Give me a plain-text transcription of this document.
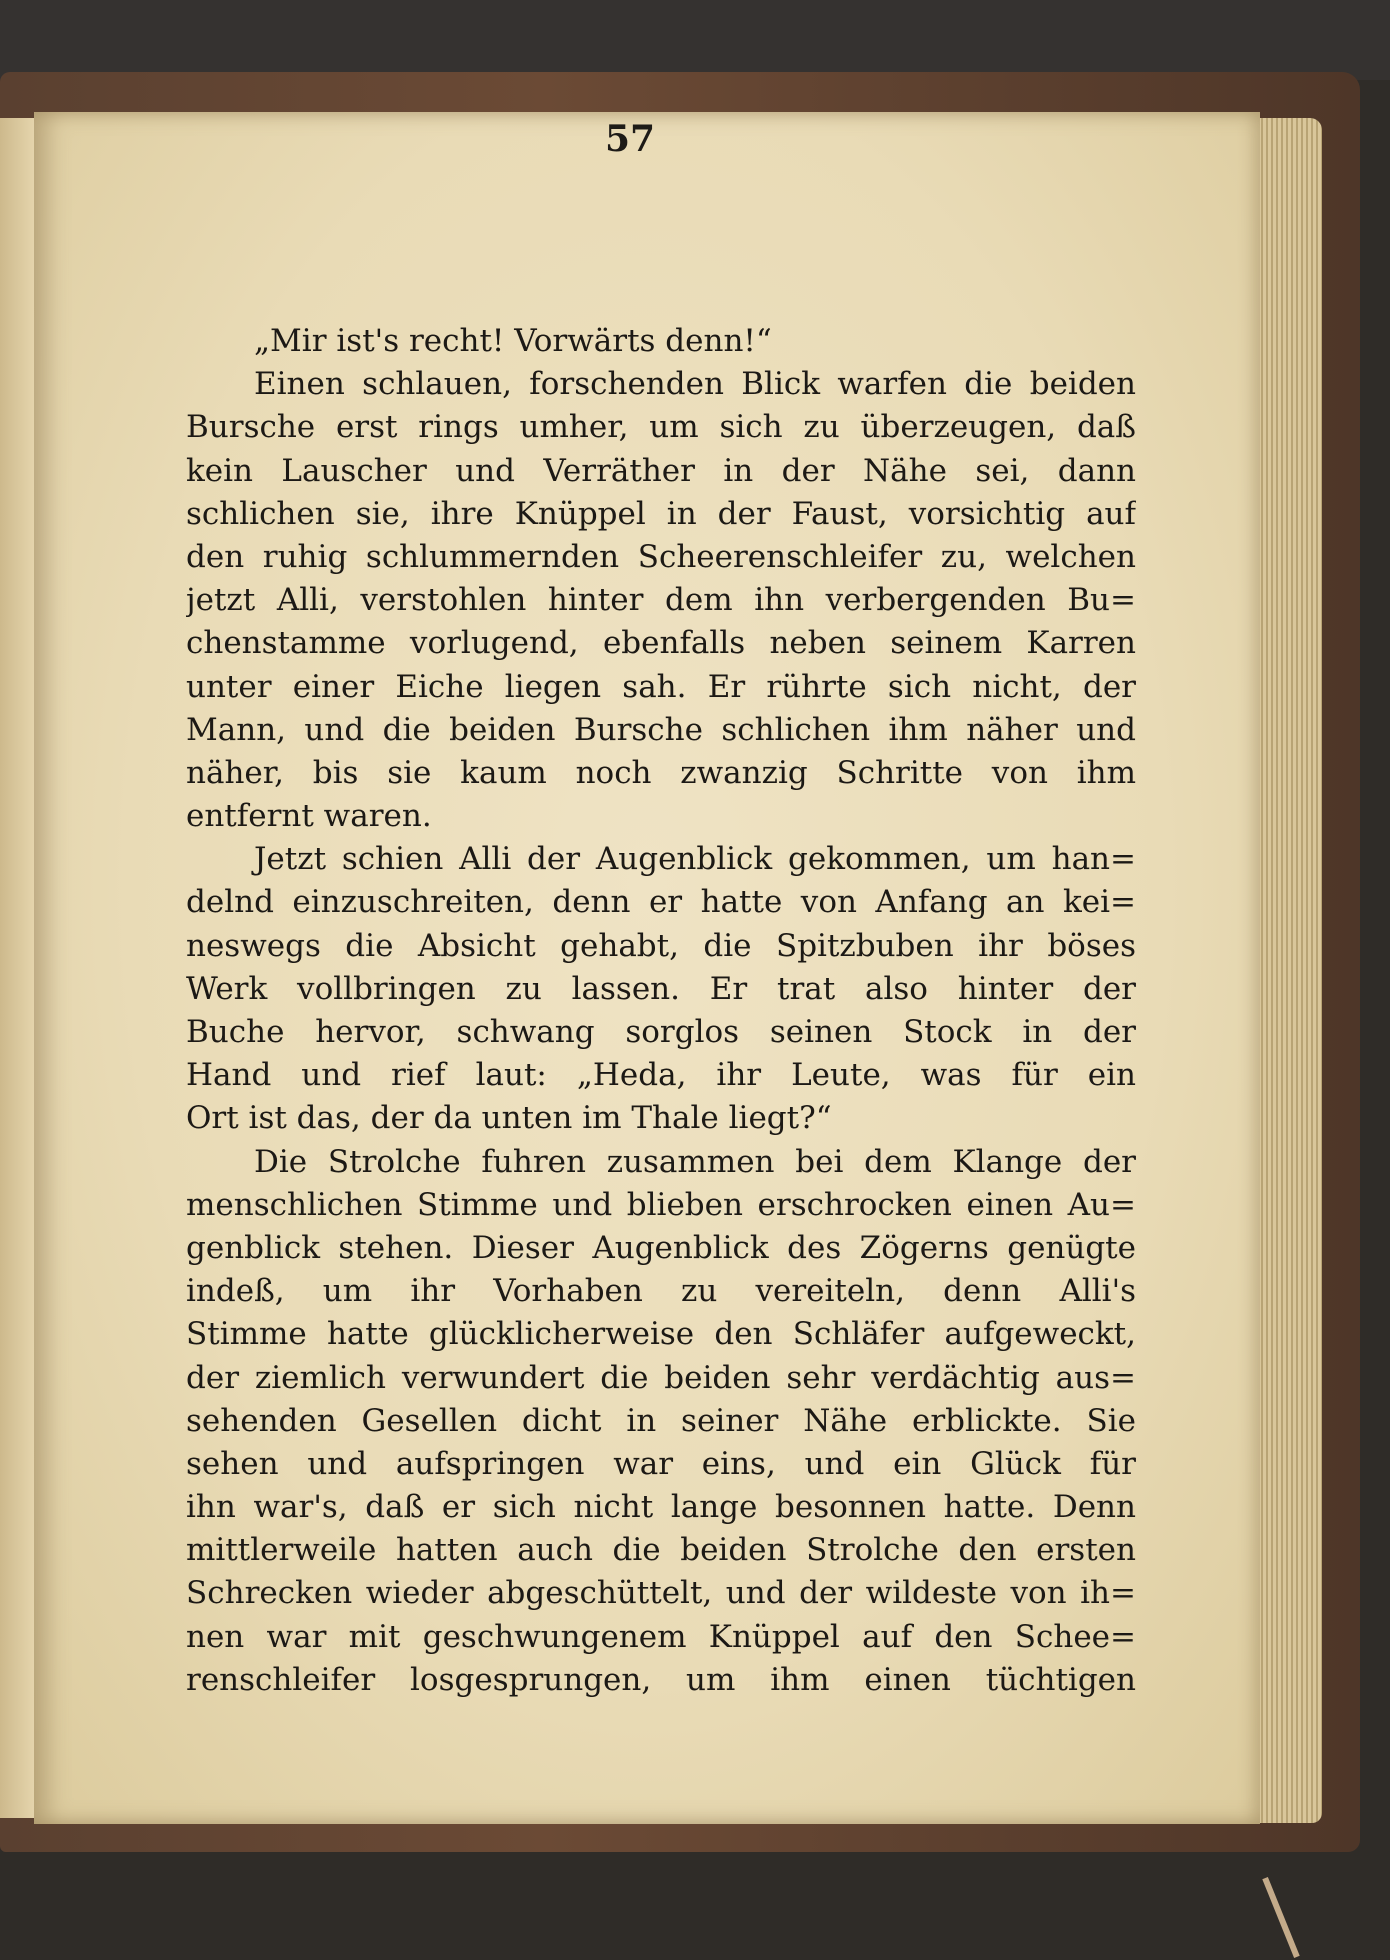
57
„Mir ist's recht! Vorwärts denn!“
Einen schlauen, forschenden Blick warfen die beiden
Bursche erst rings umher, um sich zu überzeugen, daß
kein Lauscher und Verräther in der Nähe sei, dann
schlichen sie, ihre Knüppel in der Faust, vorsichtig auf
den ruhig schlummernden Scheerenschleifer zu, welchen
jetzt Alli, verstohlen hinter dem ihn verbergenden Bu=
chenstamme vorlugend, ebenfalls neben seinem Karren
unter einer Eiche liegen sah. Er rührte sich nicht, der
Mann, und die beiden Bursche schlichen ihm näher und
näher, bis sie kaum noch zwanzig Schritte von ihm
entfernt waren.
Jetzt schien Alli der Augenblick gekommen, um han=
delnd einzuschreiten, denn er hatte von Anfang an kei=
neswegs die Absicht gehabt, die Spitzbuben ihr böses
Werk vollbringen zu lassen. Er trat also hinter der
Buche hervor, schwang sorglos seinen Stock in der
Hand und rief laut: „Heda, ihr Leute, was für ein
Ort ist das, der da unten im Thale liegt?“
Die Strolche fuhren zusammen bei dem Klange der
menschlichen Stimme und blieben erschrocken einen Au=
genblick stehen. Dieser Augenblick des Zögerns genügte
indeß, um ihr Vorhaben zu vereiteln, denn Alli's
Stimme hatte glücklicherweise den Schläfer aufgeweckt,
der ziemlich verwundert die beiden sehr verdächtig aus=
sehenden Gesellen dicht in seiner Nähe erblickte. Sie
sehen und aufspringen war eins, und ein Glück für
ihn war's, daß er sich nicht lange besonnen hatte. Denn
mittlerweile hatten auch die beiden Strolche den ersten
Schrecken wieder abgeschüttelt, und der wildeste von ih=
nen war mit geschwungenem Knüppel auf den Schee=
renschleifer losgesprungen, um ihm einen tüchtigen
